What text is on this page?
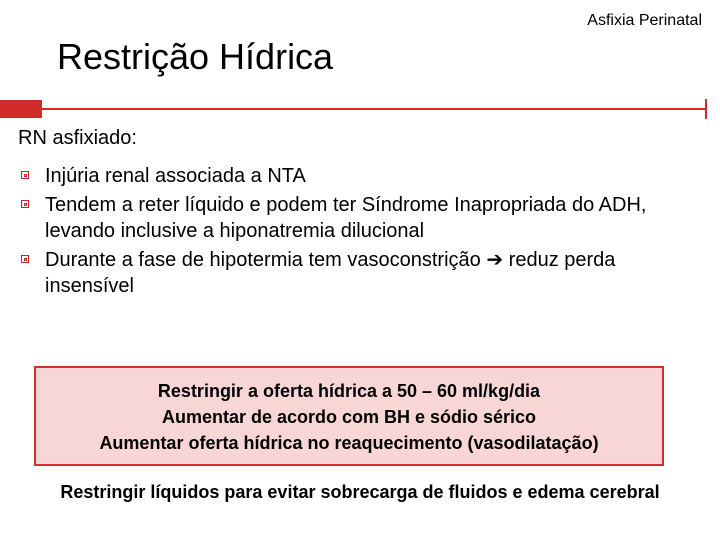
Asfixia Perinatal
Restrição Hídrica
RN asfixiado:
Injúria renal associada a NTA
Tendem a reter líquido e podem ter Síndrome Inapropriada do ADH, levando inclusive a hiponatremia dilucional
Durante a fase de hipotermia tem vasoconstrição ➔ reduz perda insensível
Restringir a oferta hídrica a 50 – 60 ml/kg/dia
Aumentar de acordo com BH e sódio sérico
Aumentar oferta hídrica no reaquecimento (vasodilatação)
Restringir líquidos para evitar sobrecarga de fluidos e edema cerebral
